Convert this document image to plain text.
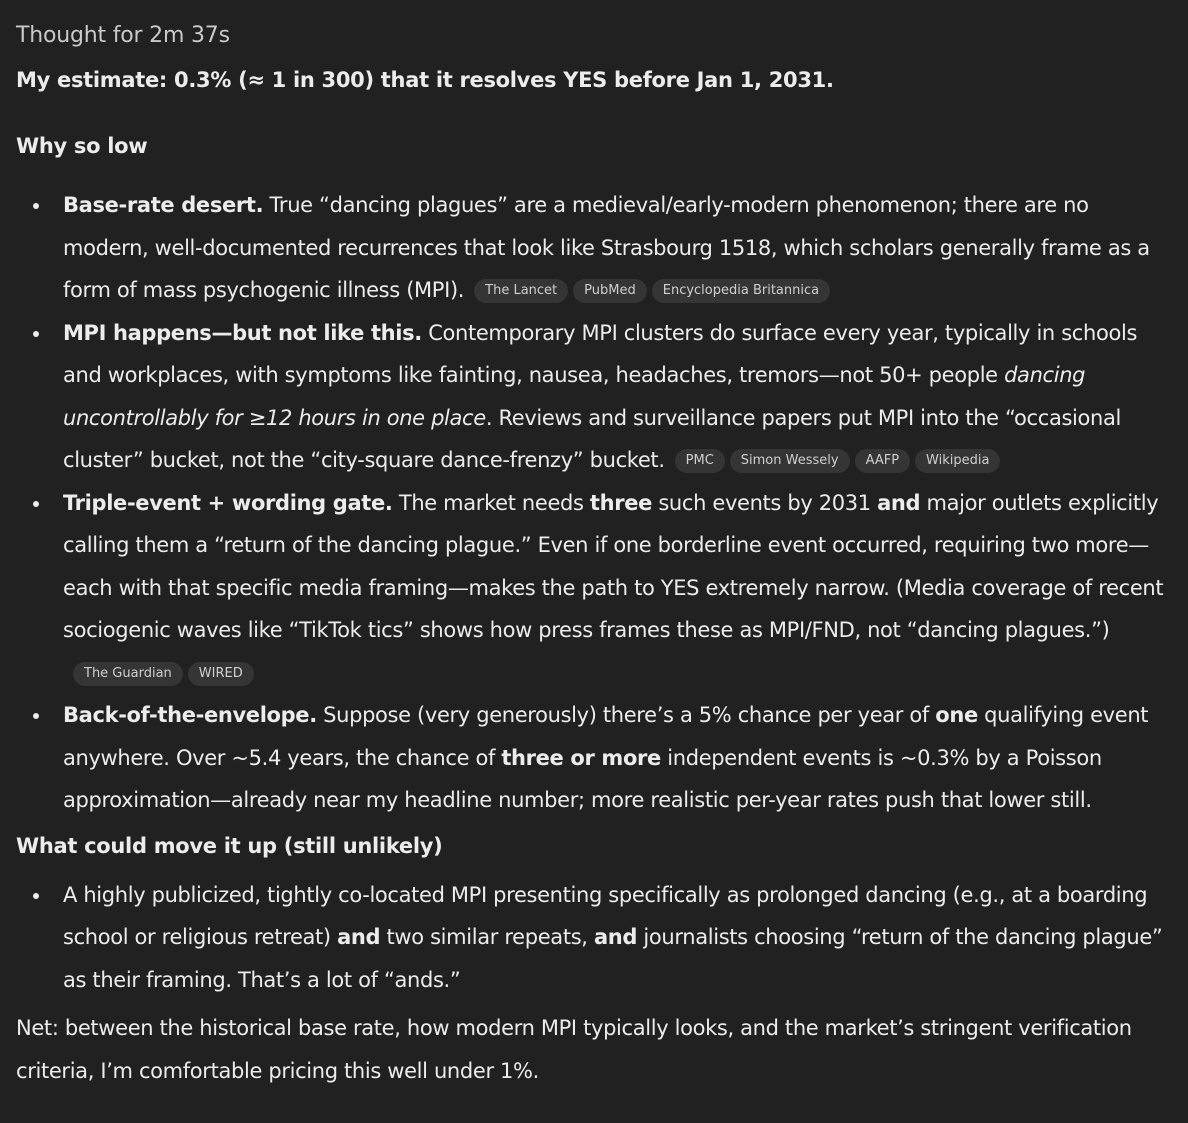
Thought for 2m 37s
My estimate: 0.3% (≈ 1 in 300) that it resolves YES before Jan 1, 2031.
Why so low
Base-rate desert. True “dancing plagues” are a medieval/early-modern phenomenon; there are no modern, well-documented recurrences that look like Strasbourg 1518, which scholars generally frame as a form of mass psychogenic illness (MPI). The Lancet PubMed Encyclopedia Britannica
MPI happens—but not like this. Contemporary MPI clusters do surface every year, typically in schools and workplaces, with symptoms like fainting, nausea, headaches, tremors—not 50+ people dancing uncontrollably for ≥12 hours in one place. Reviews and surveillance papers put MPI into the “occasional cluster” bucket, not the “city-square dance-frenzy” bucket. PMC Simon Wessely AAFP Wikipedia
Triple-event + wording gate. The market needs three such events by 2031 and major outlets explicitly calling them a “return of the dancing plague.” Even if one borderline event occurred, requiring two more—each with that specific media framing—makes the path to YES extremely narrow. (Media coverage of recent sociogenic waves like “TikTok tics” shows how press frames these as MPI/FND, not “dancing plagues.”)The Guardian WIRED
Back-of-the-envelope. Suppose (very generously) there’s a 5% chance per year of one qualifying event anywhere. Over ~5.4 years, the chance of three or more independent events is ~0.3% by a Poisson approximation—already near my headline number; more realistic per-year rates push that lower still.
What could move it up (still unlikely)
A highly publicized, tightly co-located MPI presenting specifically as prolonged dancing (e.g., at a boarding school or religious retreat) and two similar repeats, and journalists choosing “return of the dancing plague” as their framing. That’s a lot of “ands.”
Net: between the historical base rate, how modern MPI typically looks, and the market’s stringent verification criteria, I’m comfortable pricing this well under 1%.
